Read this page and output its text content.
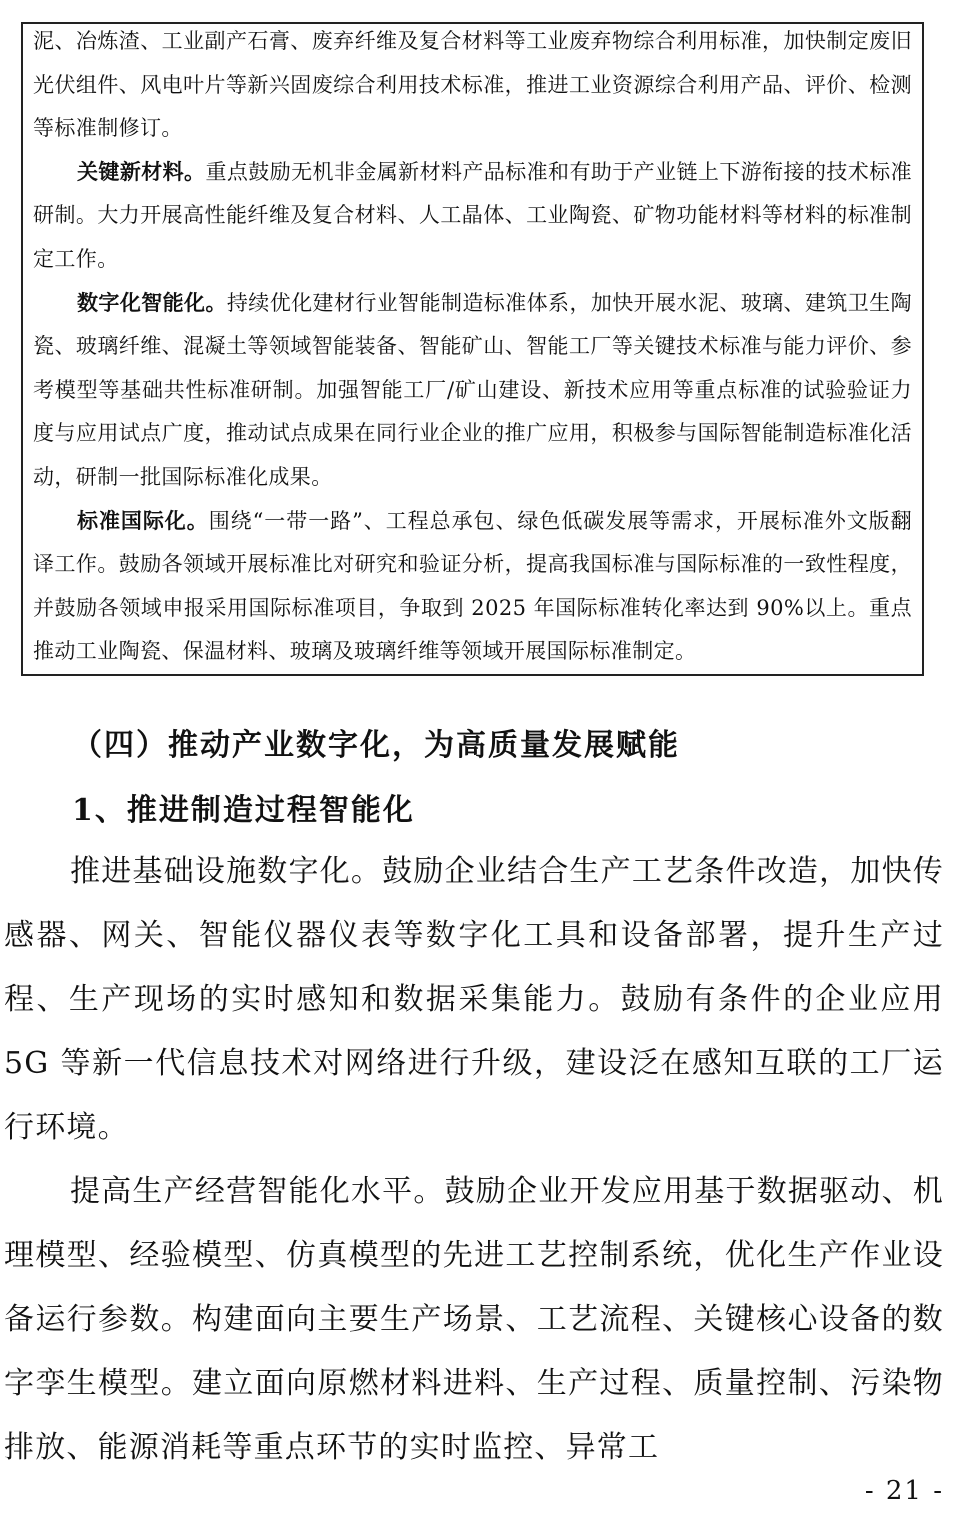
泥、冶炼渣、工业副产石膏、废弃纤维及复合材料等工业废弃物综合利用标准，加快制定废旧光伏组件、风电叶片等新兴固废综合利用技术标准，推进工业资源综合利用产品、评价、检测等标准制修订。

关键新材料。重点鼓励无机非金属新材料产品标准和有助于产业链上下游衔接的技术标准研制。大力开展高性能纤维及复合材料、人工晶体、工业陶瓷、矿物功能材料等材料的标准制定工作。

数字化智能化。持续优化建材行业智能制造标准体系，加快开展水泥、玻璃、建筑卫生陶瓷、玻璃纤维、混凝土等领域智能装备、智能矿山、智能工厂等关键技术标准与能力评价、参考模型等基础共性标准研制。加强智能工厂/矿山建设、新技术应用等重点标准的试验验证力度与应用试点广度，推动试点成果在同行业企业的推广应用，积极参与国际智能制造标准化活动，研制一批国际标准化成果。

标准国际化。围绕“一带一路”、工程总承包、绿色低碳发展等需求，开展标准外文版翻译工作。鼓励各领域开展标准比对研究和验证分析，提高我国标准与国际标准的一致性程度，并鼓励各领域申报采用国际标准项目，争取到 2025 年国际标准转化率达到 90%以上。重点推动工业陶瓷、保温材料、玻璃及玻璃纤维等领域开展国际标准制定。

（四）推动产业数字化，为高质量发展赋能
1、推进制造过程智能化

推进基础设施数字化。鼓励企业结合生产工艺条件改造，加快传感器、网关、智能仪器仪表等数字化工具和设备部署，提升生产过程、生产现场的实时感知和数据采集能力。鼓励有条件的企业应用 5G 等新一代信息技术对网络进行升级，建设泛在感知互联的工厂运行环境。

提高生产经营智能化水平。鼓励企业开发应用基于数据驱动、机理模型、经验模型、仿真模型的先进工艺控制系统，优化生产作业设备运行参数。构建面向主要生产场景、工艺流程、关键核心设备的数字孪生模型。建立面向原燃材料进料、生产过程、质量控制、污染物排放、能源消耗等重点环节的实时监控、异常工

- 21 -
